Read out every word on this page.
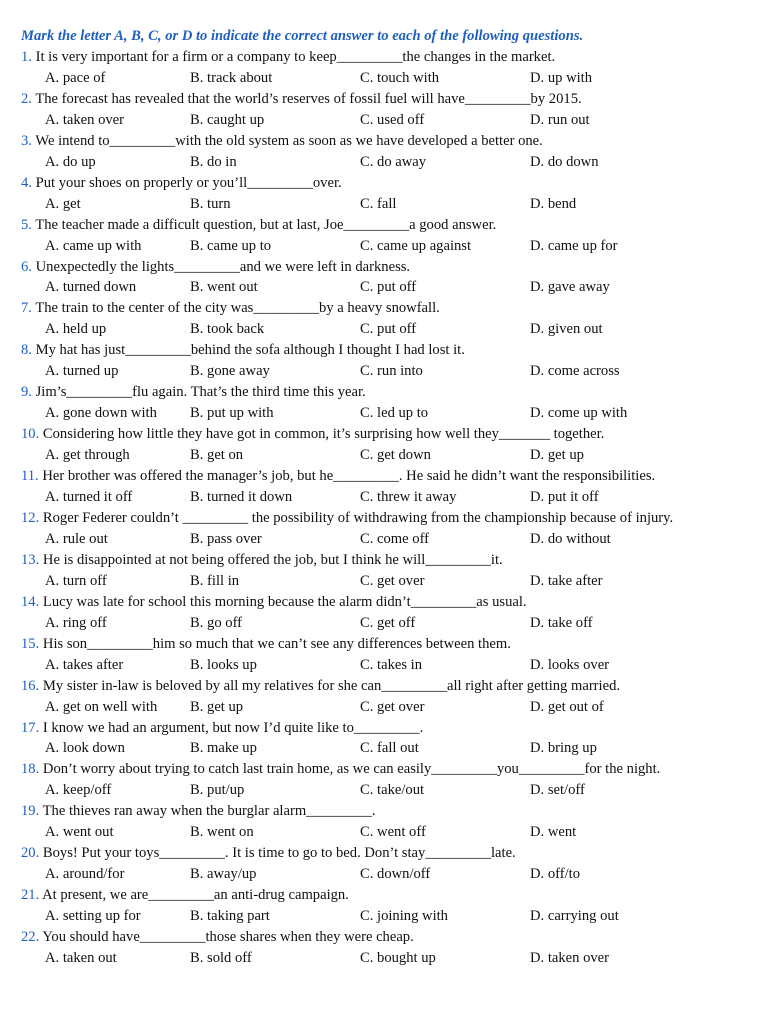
Mark the letter A, B, C, or D to indicate the correct answer to each of the following questions.
1. It is very important for a firm or a company to keep_________the changes in the market.
A. pace of	B. track about	C. touch with	D. up with
2. The forecast has revealed that the world’s reserves of fossil fuel will have_________by 2015.
A. taken over	B. caught up	C. used off	D. run out
3. We intend to_________with the old system as soon as we have developed a better one.
A. do up	B. do in	C. do away	D. do down
4. Put your shoes on properly or you’ll_________over.
A. get	B. turn	C. fall	D. bend
5. The teacher made a difficult question, but at last, Joe_________a good answer.
A. came up with	B. came up to	C. came up against	D. came up for
6. Unexpectedly the lights_________and we were left in darkness.
A. turned down	B. went out	C. put off	D. gave away
7. The train to the center of the city was_________by a heavy snowfall.
A. held up	B. took back	C. put off	D. given out
8. My hat has just_________behind the sofa although I thought I had lost it.
A. turned up	B. gone away	C. run into	D. come across
9. Jim’s_________flu again. That’s the third time this year.
A. gone down with	B. put up with	C. led up to	D. come up with
10. Considering how little they have got in common, it’s surprising how well they_______ together.
A. get through	B. get on	C. get down	D. get up
11. Her brother was offered the manager’s job, but he_________. He said he didn’t want the responsibilities.
A. turned it off	B. turned it down	C. threw it away	D. put it off
12. Roger Federer couldn’t _________ the possibility of withdrawing from the championship because of injury.
A. rule out	B. pass over	C. come off	D. do without
13. He is disappointed at not being offered the job, but I think he will_________it.
A. turn off	B. fill in	C. get over	D. take after
14. Lucy was late for school this morning because the alarm didn’t_________as usual.
A. ring off	B. go off	C. get off	D. take off
15. His son_________him so much that we can’t see any differences between them.
A. takes after	B. looks up	C. takes in	D. looks over
16. My sister in-law is beloved by all my relatives for she can_________all right after getting married.
A. get on well with	B. get up	C. get over	D. get out of
17. I know we had an argument, but now I’d quite like to_________.
A. look down	B. make up	C. fall out	D. bring up
18. Don’t worry about trying to catch last train home, as we can easily_________you_________for the night.
A. keep/off	B. put/up	C. take/out	D. set/off
19. The thieves ran away when the burglar alarm_________.
A. went out	B. went on	C. went off	D. went
20. Boys! Put your toys_________. It is time to go to bed. Don’t stay_________late.
A. around/for	B. away/up	C. down/off	D. off/to
21. At present, we are_________an anti-drug campaign.
A. setting up for	B. taking part	C. joining with	D. carrying out
22. You should have_________those shares when they were cheap.
A. taken out	B. sold off	C. bought up	D. taken over
